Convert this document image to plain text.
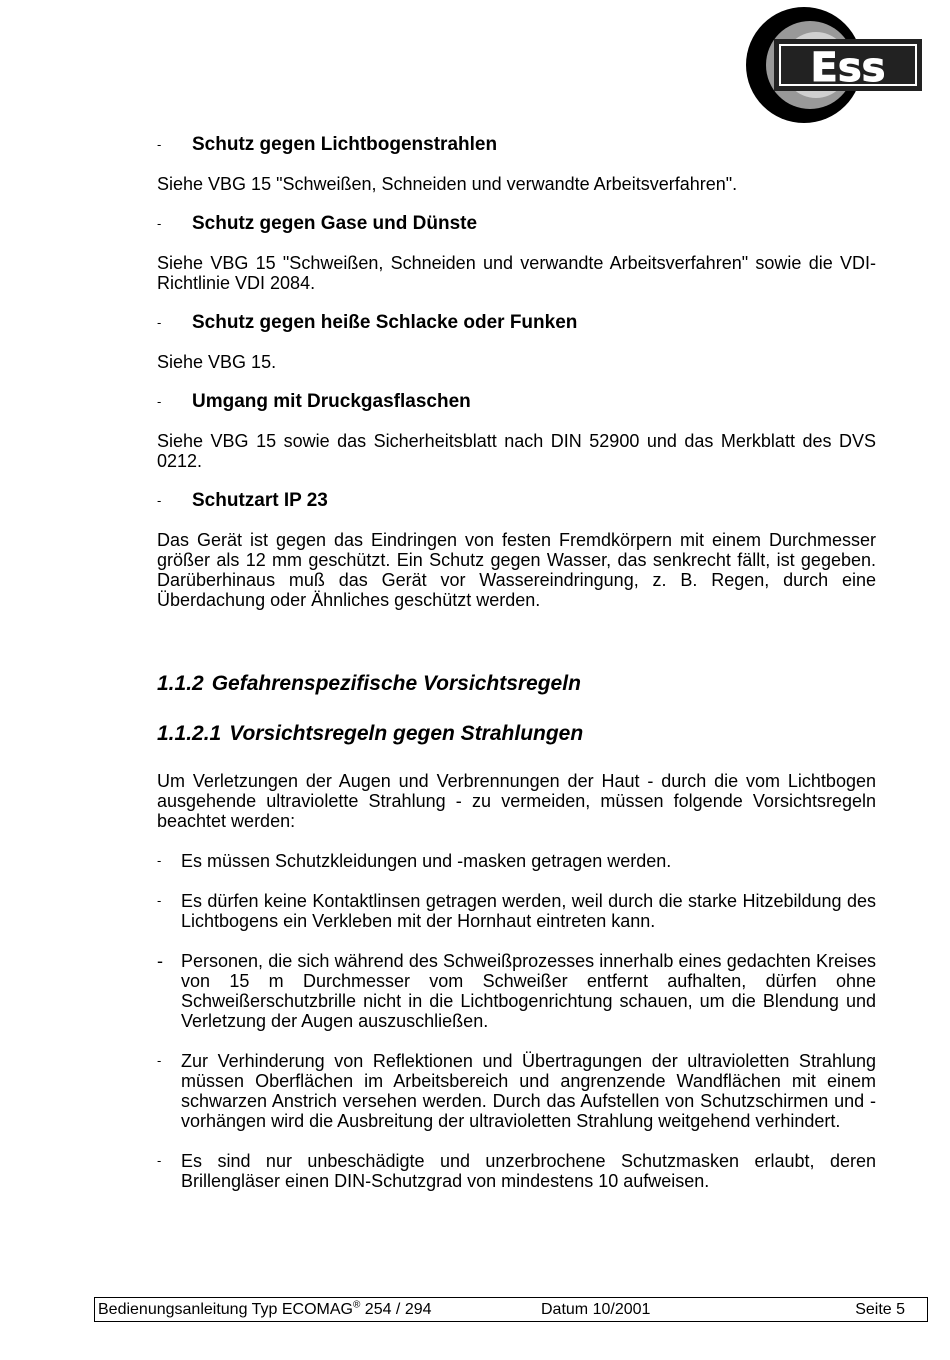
Ess
-	Schutz gegen Lichtbogenstrahlen

Siehe VBG 15 "Schweißen, Schneiden und verwandte Arbeitsverfahren".

-	Schutz gegen Gase und Dünste

Siehe VBG 15 "Schweißen, Schneiden und verwandte Arbeitsverfahren" sowie die VDI-Richtlinie VDI 2084.

-	Schutz gegen heiße Schlacke oder Funken

Siehe VBG 15.

-	Umgang mit Druckgasflaschen

Siehe VBG 15 sowie das Sicherheitsblatt nach DIN 52900 und das Merkblatt des DVS 0212.

-	Schutzart IP 23

Das Gerät ist gegen das Eindringen von festen Fremdkörpern mit einem Durchmesser größer als 12 mm geschützt. Ein Schutz gegen Wasser, das senkrecht fällt, ist gegeben. Darüberhinaus muß das Gerät vor Wassereindringung, z. B. Regen, durch eine Überdachung oder Ähnliches geschützt werden.

1.1.2 Gefahrenspezifische Vorsichtsregeln
1.1.2.1 Vorsichtsregeln gegen Strahlungen

Um Verletzungen der Augen und Verbrennungen der Haut - durch die vom Lichtbogen ausgehende ultraviolette Strahlung - zu vermeiden, müssen folgende Vorsichtsregeln beachtet werden:

-	Es müssen Schutzkleidungen und -masken getragen werden.
-	Es dürfen keine Kontaktlinsen getragen werden, weil durch die starke Hitzebildung des Lichtbogens ein Verkleben mit der Hornhaut eintreten kann.
-	Personen, die sich während des Schweißprozesses innerhalb eines gedachten Kreises von 15 m Durchmesser vom Schweißer entfernt aufhalten, dürfen ohne Schweißerschutzbrille nicht in die Lichtbogenrichtung schauen, um die Blendung und Verletzung der Augen auszuschließen.
-	Zur Verhinderung von Reflektionen und Übertragungen der ultravioletten Strahlung müssen Oberflächen im Arbeitsbereich und angrenzende Wandflächen mit einem schwarzen Anstrich versehen werden. Durch das Aufstellen von Schutzschirmen und -vorhängen wird die Ausbreitung der ultravioletten Strahlung weitgehend verhindert.
-	Es sind nur unbeschädigte und unzerbrochene Schutzmasken erlaubt, deren Brillengläser einen DIN-Schutzgrad von mindestens 10 aufweisen.
Bedienungsanleitung Typ ECOMAG® 254 / 294	Datum 10/2001	Seite 5
